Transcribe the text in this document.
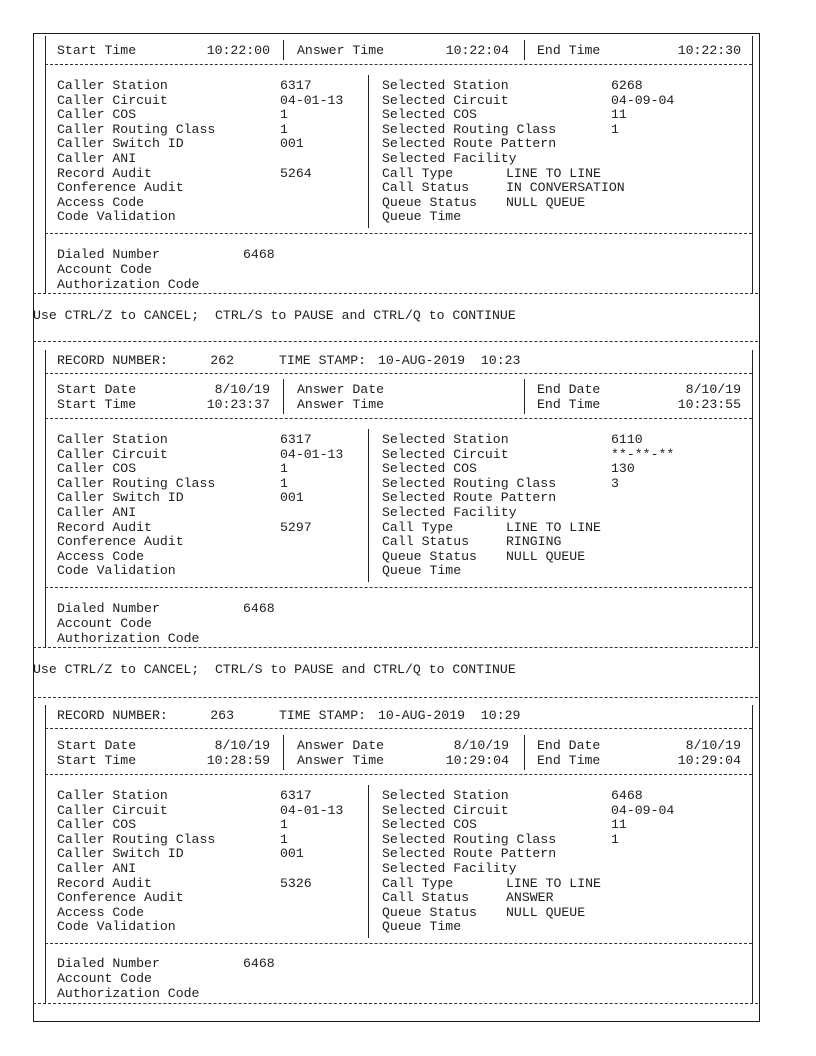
Start Time	10:22:00 Answer Time	10:22:04 End Time	10:22:30
Caller Station	6317
Caller Circuit	04-01-13
Caller COS	1
Caller Routing Class	1
Caller Switch ID	001
Caller ANI
Record Audit	5264
Conference Audit
Access Code
Code Validation
Selected Station	6268
Selected Circuit	04-09-04
Selected COS	11
Selected Routing Class	1
Selected Route Pattern
Selected Facility
Call Type	LINE TO LINE
Call Status	IN CONVERSATION
Queue Status NULL QUEUE
Queue Time
Dialed Number	6468
Account Code
Authorization Code
Use CTRL/Z to CANCEL;  CTRL/S to PAUSE and CTRL/Q to CONTINUE
RECORD NUMBER:	262	TIME STAMP: 10-AUG-2019  10:23
Start Date	8/10/19 Answer Date	End Date	8/10/19
Start Time	10:23:37 Answer Time	End Time	10:23:55
Caller Station	6317
Caller Circuit	04-01-13
Caller COS	1
Caller Routing Class	1
Caller Switch ID	001
Caller ANI
Record Audit	5297
Conference Audit
Access Code
Code Validation
Selected Station	6110
Selected Circuit	**-**-**
Selected COS	130
Selected Routing Class	3
Selected Route Pattern
Selected Facility
Call Type	LINE TO LINE
Call Status	RINGING
Queue Status NULL QUEUE
Queue Time
Dialed Number	6468
Account Code
Authorization Code
Use CTRL/Z to CANCEL;  CTRL/S to PAUSE and CTRL/Q to CONTINUE
RECORD NUMBER:	263	TIME STAMP: 10-AUG-2019  10:29
Start Date	8/10/19 Answer Date	8/10/19 End Date	8/10/19
Start Time	10:28:59 Answer Time	10:29:04 End Time	10:29:04
Caller Station	6317
Caller Circuit	04-01-13
Caller COS	1
Caller Routing Class	1
Caller Switch ID	001
Caller ANI
Record Audit	5326
Conference Audit
Access Code
Code Validation
Selected Station	6468
Selected Circuit	04-09-04
Selected COS	11
Selected Routing Class	1
Selected Route Pattern
Selected Facility
Call Type	LINE TO LINE
Call Status	ANSWER
Queue Status NULL QUEUE
Queue Time
Dialed Number	6468
Account Code
Authorization Code
